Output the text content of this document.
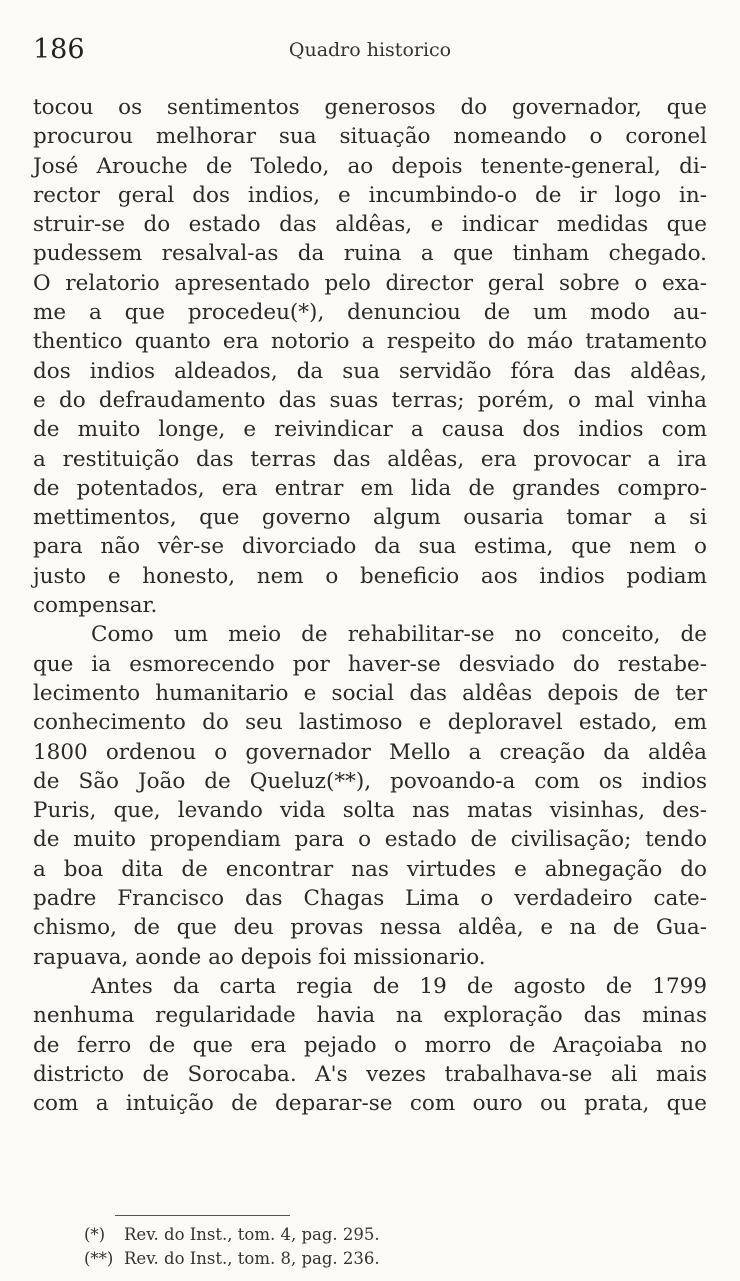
186	Quadro historico
tocou os sentimentos generosos do governador, que
procurou melhorar sua situação nomeando o coronel
José Arouche de Toledo, ao depois tenente-general, di-
rector geral dos indios, e incumbindo-o de ir logo in-
struir-se do estado das aldêas, e indicar medidas que
pudessem resalval-as da ruina a que tinham chegado.
O relatorio apresentado pelo director geral sobre o exa-
me a que procedeu(*), denunciou de um modo au-
thentico quanto era notorio a respeito do máo tratamento
dos indios aldeados, da sua servidão fóra das aldêas,
e do defraudamento das suas terras; porém, o mal vinha
de muito longe, e reivindicar a causa dos indios com
a restituição das terras das aldêas, era provocar a ira
de potentados, era entrar em lida de grandes compro-
mettimentos, que governo algum ousaria tomar a si
para não vêr-se divorciado da sua estima, que nem o
justo e honesto, nem o beneficio aos indios podiam
compensar.
Como um meio de rehabilitar-se no conceito, de
que ia esmorecendo por haver-se desviado do restabe-
lecimento humanitario e social das aldêas depois de ter
conhecimento do seu lastimoso e deploravel estado, em
1800 ordenou o governador Mello a creação da aldêa
de São João de Queluz(**), povoando-a com os indios
Puris, que, levando vida solta nas matas visinhas, des-
de muito propendiam para o estado de civilisação; tendo
a boa dita de encontrar nas virtudes e abnegação do
padre Francisco das Chagas Lima o verdadeiro cate-
chismo, de que deu provas nessa aldêa, e na de Gua-
rapuava, aonde ao depois foi missionario.
Antes da carta regia de 19 de agosto de 1799
nenhuma regularidade havia na exploração das minas
de ferro de que era pejado o morro de Araçoiaba no
districto de Sorocaba. A's vezes trabalhava-se ali mais
com a intuição de deparar-se com ouro ou prata, que
(*) Rev. do Inst., tom. 4, pag. 295.
(**) Rev. do Inst., tom. 8, pag. 236.
